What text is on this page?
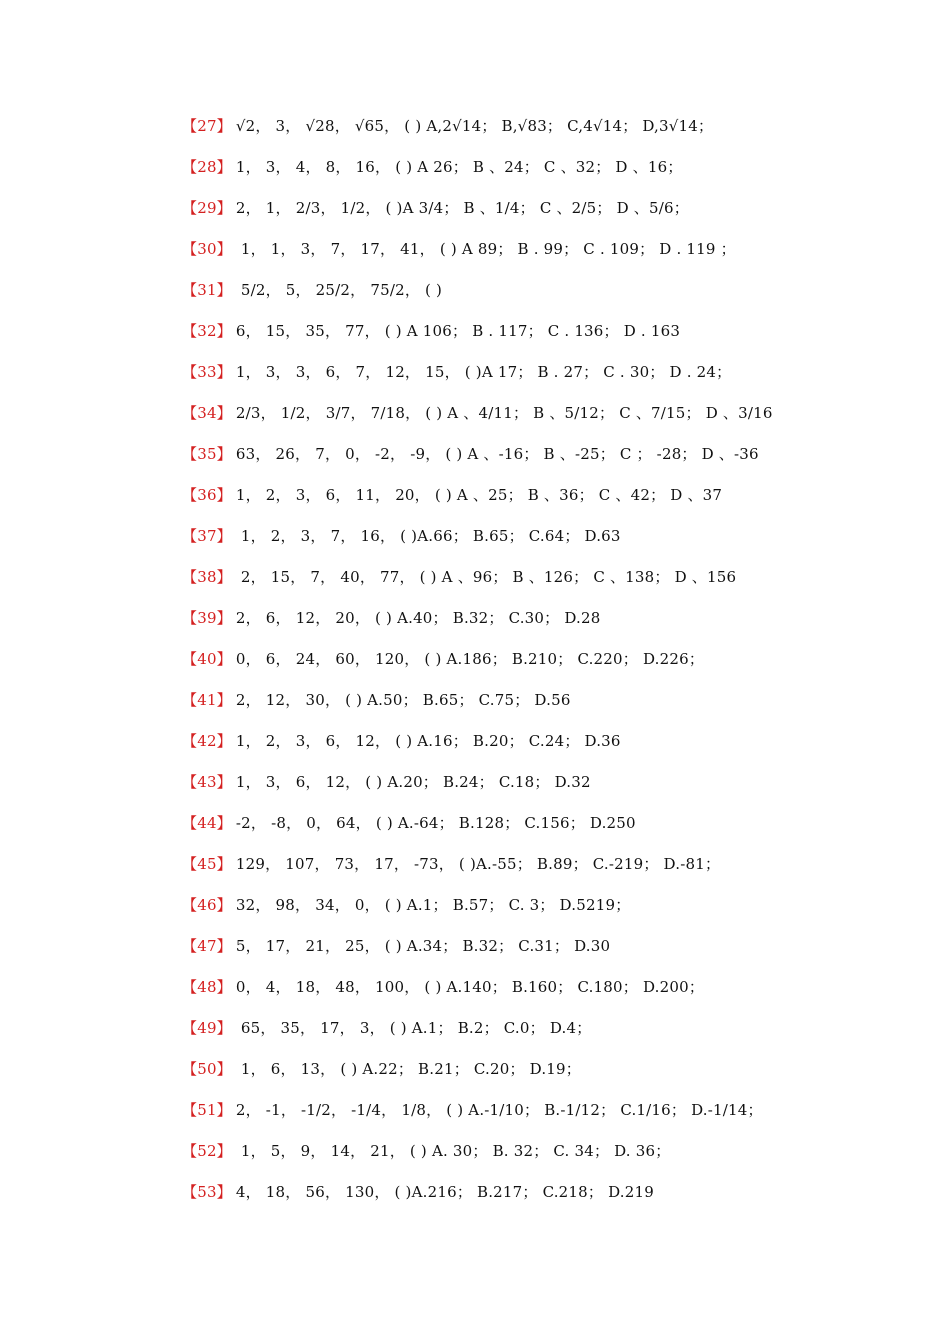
【27】 √2， 3， √28， √65， ( ) A,2√14； B,√83； C,4√14； D,3√14；
【28】 1， 3， 4， 8， 16， ( ) A 26； B 、24； C 、32； D 、16；
【29】 2， 1， 2/3， 1/2， ( )A 3/4； B 、1/4； C 、2/5； D 、5/6；
【30】 1， 1， 3， 7， 17， 41， ( ) A 89； B . 99； C . 109； D . 119 ；
【31】 5/2， 5， 25/2， 75/2， ( )
【32】 6， 15， 35， 77， ( ) A 106； B . 117； C . 136； D . 163
【33】 1， 3， 3， 6， 7， 12， 15， ( )A 17； B . 27； C . 30； D . 24；
【34】 2/3， 1/2， 3/7， 7/18， ( ) A 、4/11； B 、5/12； C 、7/15； D 、3/16
【35】 63， 26， 7， 0， -2， -9， ( ) A 、-16； B 、-25； C ； -28； D 、-36
【36】 1， 2， 3， 6， 11， 20， ( ) A 、25； B 、36； C 、42； D 、37
【37】 1， 2， 3， 7， 16， ( )A.66； B.65； C.64； D.63
【38】 2， 15， 7， 40， 77， ( ) A 、96； B 、126； C 、138； D 、156
【39】 2， 6， 12， 20， ( ) A.40； B.32； C.30； D.28
【40】 0， 6， 24， 60， 120， ( ) A.186； B.210； C.220； D.226；
【41】 2， 12， 30， ( ) A.50； B.65； C.75； D.56
【42】 1， 2， 3， 6， 12， ( ) A.16； B.20； C.24； D.36
【43】 1， 3， 6， 12， ( ) A.20； B.24； C.18； D.32
【44】 -2， -8， 0， 64， ( ) A.-64； B.128； C.156； D.250
【45】 129， 107， 73， 17， -73， ( )A.-55； B.89； C.-219； D.-81；
【46】 32， 98， 34， 0， ( ) A.1； B.57； C. 3； D.5219；
【47】 5， 17， 21， 25， ( ) A.34； B.32； C.31； D.30
【48】 0， 4， 18， 48， 100， ( ) A.140； B.160； C.180； D.200；
【49】 65， 35， 17， 3， ( ) A.1； B.2； C.0； D.4；
【50】 1， 6， 13， ( ) A.22； B.21； C.20； D.19；
【51】 2， -1， -1/2， -1/4， 1/8， ( ) A.-1/10； B.-1/12； C.1/16； D.-1/14；
【52】 1， 5， 9， 14， 21， ( ) A. 30； B. 32； C. 34； D. 36；
【53】 4， 18， 56， 130， ( )A.216； B.217； C.218； D.219
